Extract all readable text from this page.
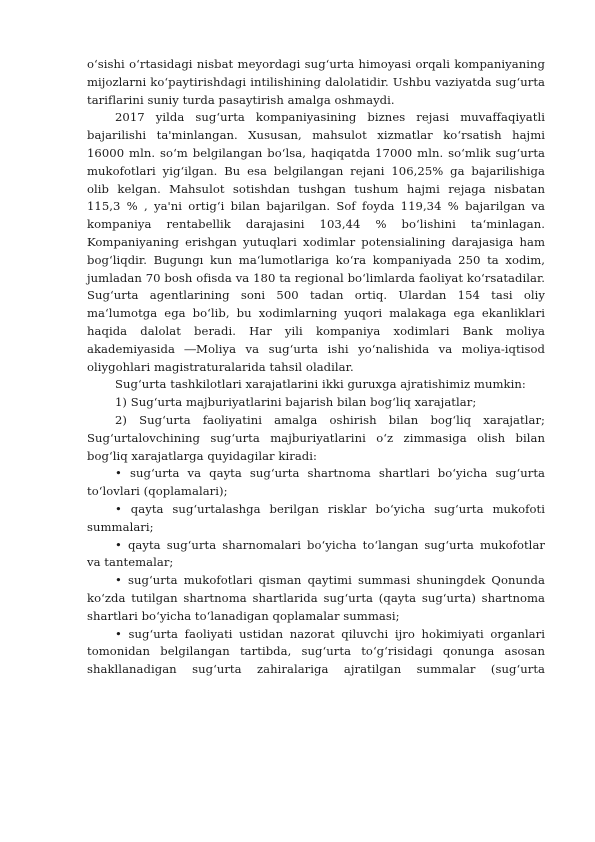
o‘sishi o‘rtasidagi nisbat meyordagi sug‘urta himoyasi orqali kompaniyaning mijozlarni ko‘paytirishdagi intilishining dalolatidir. Ushbu vaziyatda sug‘urta tariflarini suniy turda pasaytirish amalga oshmaydi.

2017 yilda sug‘urta kompaniyasining biznes rejasi muvaffaqiyatli bajarilishi ta'minlangan. Xususan, mahsulot xizmatlar ko‘rsatish hajmi 16000 mln. so‘m belgilangan bo‘lsa, haqiqatda 17000 mln. so‘mlik sug‘urta mukofotlari yig‘ilgan. Bu esa belgilangan rejani 106,25% ga bajarilishiga olib kelgan. Mahsulot sotishdan tushgan tushum hajmi rejaga nisbatan 115,3 % , ya'ni ortig‘i bilan bajarilgan. Sof foyda 119,34 % bajarilgan va kompaniya rentabellik darajasini 103,44 % bo‘lishini ta‘minlagan. Kompaniyaning erishgan yutuqlari xodimlar potensialining darajasiga ham bog‘liqdir. Bugungı kun ma‘lumotlariga ko‘ra kompaniyada 250 ta xodim, jumladan 70 bosh ofisda va 180 ta regional bo‘limlarda faoliyat ko‘rsatadilar. Sug‘urta agentlarining soni 500 tadan ortiq. Ulardan 154 tasi oliy ma‘lumotga ega bo‘lib, bu xodimlarning yuqori malakaga ega ekanliklari haqida dalolat beradi. Har yili kompaniya xodimlari Bank moliya akademiyasida ―Moliya va sug‘urta ishi yo‘nalishida va moliya-iqtisod oliygohlari magistraturalarida tahsil oladilar.

Sug‘urta tashkilotlari xarajatlarini ikki guruxga ajratishimiz mumkin:

1) Sug‘urta majburiyatlarini bajarish bilan bog‘liq xarajatlar;

2) Sug‘urta faoliyatini amalga oshirish bilan bog‘liq xarajatlar; Sug‘urtalovchining sug‘urta majburiyatlarini o‘z zimmasiga olish bilan bog‘liq xarajatlarga quyidagilar kiradi:

• sug‘urta va qayta sug‘urta shartnoma shartlari bo‘yicha sug‘urta to‘lovlari (qoplamalari);

• qayta sug‘urtalashga berilgan risklar bo‘yicha sug‘urta mukofoti summalari;

• qayta sug‘urta sharnomalari bo‘yicha to‘langan sug‘urta mukofotlar va tantemalar;

• sug‘urta mukofotlari qisman qaytimi summasi shuningdek Qonunda ko‘zda tutilgan shartnoma shartlarida sug‘urta (qayta sug‘urta) shartnoma shartlari bo‘yicha to‘lanadigan qoplamalar summasi;

• sug‘urta faoliyati ustidan nazorat qiluvchi ijro hokimiyati organlari tomonidan belgilangan tartibda, sug‘urta to‘g‘risidagi qonunga asosan shakllanadigan sug‘urta zahiralariga ajratilgan summalar (sug‘urta
